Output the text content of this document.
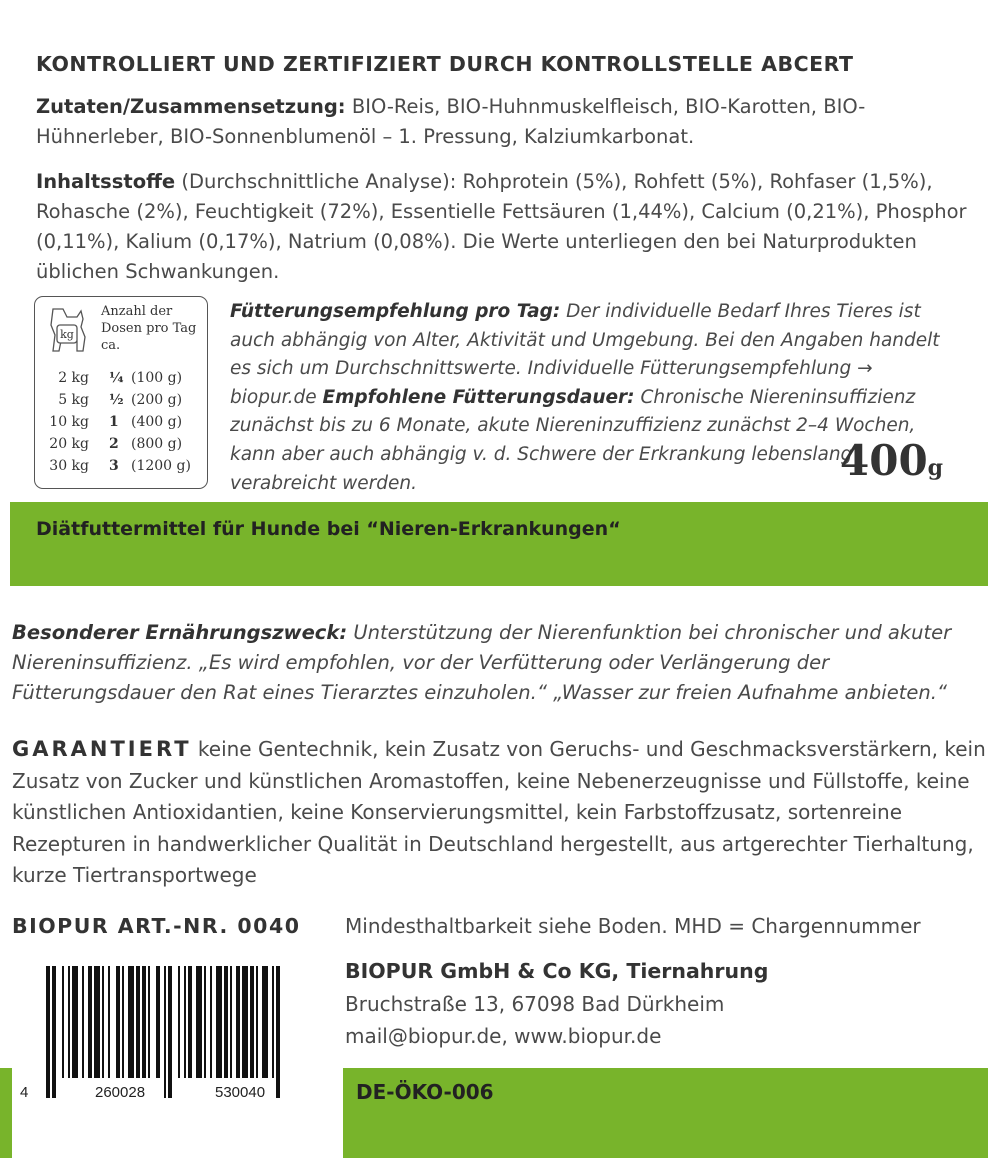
KONTROLLIERT UND ZERTIFIZIERT DURCH KONTROLLSTELLE ABCERT
Zutaten/Zusammensetzung: BIO-Reis, BIO-Huhnmuskelfleisch, BIO-Karotten, BIO-Hühnerleber, BIO-Sonnenblumenöl – 1. Pressung, Kalziumkarbonat.
Inhaltsstoffe (Durchschnittliche Analyse): Rohprotein (5%), Rohfett (5%), Rohfaser (1,5%), Rohasche (2%), Feuchtigkeit (72%), Essentielle Fettsäuren (1,44%), Calcium (0,21%), Phosphor (0,11%), Kalium (0,17%), Natrium (0,08%). Die Werte unterliegen den bei Naturprodukten üblichen Schwankungen.
kg
Anzahl der Dosen pro Tag ca.
2 kg ¼ (100 g)
5 kg ½ (200 g)
10 kg 1 (400 g)
20 kg 2 (800 g)
30 kg 3 (1200 g)
Fütterungsempfehlung pro Tag: Der individuelle Bedarf Ihres Tieres ist auch abhängig von Alter, Aktivität und Umgebung. Bei den Angaben handelt es sich um Durchschnittswerte. Individuelle Fütterungsempfehlung → biopur.de Empfohlene Fütterungsdauer: Chronische Niereninsuffizienz zunächst bis zu 6 Monate, akute Niereninzuffizienz zunächst 2–4 Wochen, kann aber auch abhängig v. d. Schwere der Erkrankung lebenslang verabreicht werden.	400g
Diätfuttermittel für Hunde bei “Nieren-Erkrankungen“
Besonderer Ernährungszweck: Unterstützung der Nierenfunktion bei chronischer und akuter Niereninsuffizienz. „Es wird empfohlen, vor der Verfütterung oder Verlängerung der Fütterungsdauer den Rat eines Tierarztes einzuholen.“ „Wasser zur freien Aufnahme anbieten.“
GARANTIERT keine Gentechnik, kein Zusatz von Geruchs- und Geschmacksverstärkern, kein Zusatz von Zucker und künstlichen Aromastoffen, keine Nebenerzeugnisse und Füllstoffe, keine künstlichen Antioxidantien, keine Konservierungsmittel, kein Farbstoffzusatz, sortenreine Rezepturen in handwerklicher Qualität in Deutschland hergestellt, aus artgerechter Tierhaltung, kurze Tiertransportwege
BIOPUR ART.-NR. 0040 Mindesthaltbarkeit siehe Boden. MHD = Chargennummer
BIOPUR GmbH & Co KG, Tiernahrung
Bruchstraße 13, 67098 Bad Dürkheim
mail@biopur.de, www.biopur.de
DE-ÖKO-006
4	260028	530040
